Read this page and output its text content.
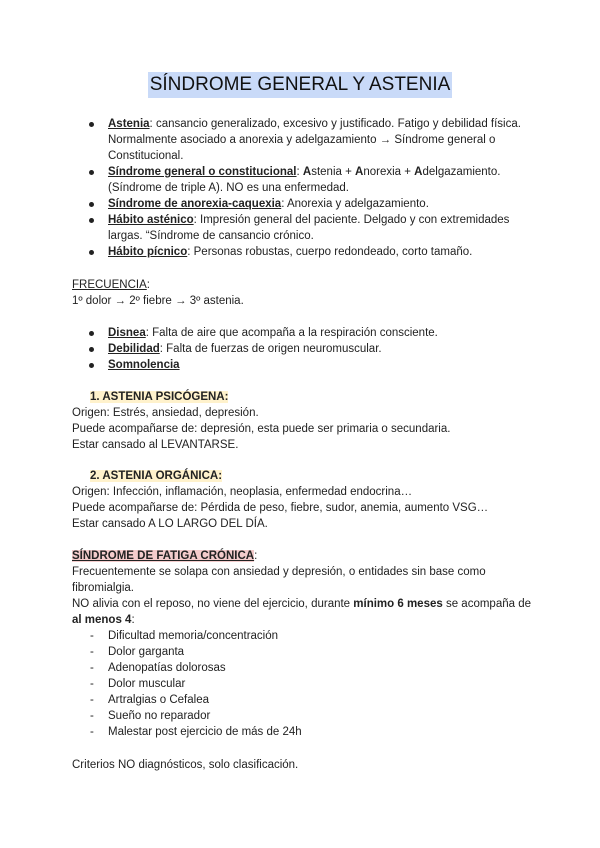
SÍNDROME GENERAL Y ASTENIA
Astenia: cansancio generalizado, excesivo y justificado. Fatigo y debilidad física. Normalmente asociado a anorexia y adelgazamiento → Síndrome general o Constitucional.
Síndrome general o constitucional: Astenia + Anorexia + Adelgazamiento. (Síndrome de triple A). NO es una enfermedad.
Síndrome de anorexia-caquexia: Anorexia y adelgazamiento.
Hábito asténico: Impresión general del paciente. Delgado y con extremidades largas. “Síndrome de cansancio crónico.
Hábito pícnico: Personas robustas, cuerpo redondeado, corto tamaño.
FRECUENCIA:
1º dolor → 2º fiebre → 3º astenia.
Disnea: Falta de aire que acompaña a la respiración consciente.
Debilidad: Falta de fuerzas de origen neuromuscular.
Somnolencia
1. ASTENIA PSICÓGENA:
Origen: Estrés, ansiedad, depresión.
Puede acompañarse de: depresión, esta puede ser primaria o secundaria.
Estar cansado al LEVANTARSE.
2. ASTENIA ORGÁNICA:
Origen: Infección, inflamación, neoplasia, enfermedad endocrina…
Puede acompañarse de: Pérdida de peso, fiebre, sudor, anemia, aumento VSG…
Estar cansado A LO LARGO DEL DÍA.
SÍNDROME DE FATIGA CRÓNICA:
Frecuentemente se solapa con ansiedad y depresión, o entidades sin base como fibromialgia.
NO alivia con el reposo, no viene del ejercicio, durante mínimo 6 meses se acompaña de al menos 4:
- Dificultad memoria/concentración
- Dolor garganta
- Adenopatías dolorosas
- Dolor muscular
- Artralgias o Cefalea
- Sueño no reparador
- Malestar post ejercicio de más de 24h
Criterios NO diagnósticos, solo clasificación.
